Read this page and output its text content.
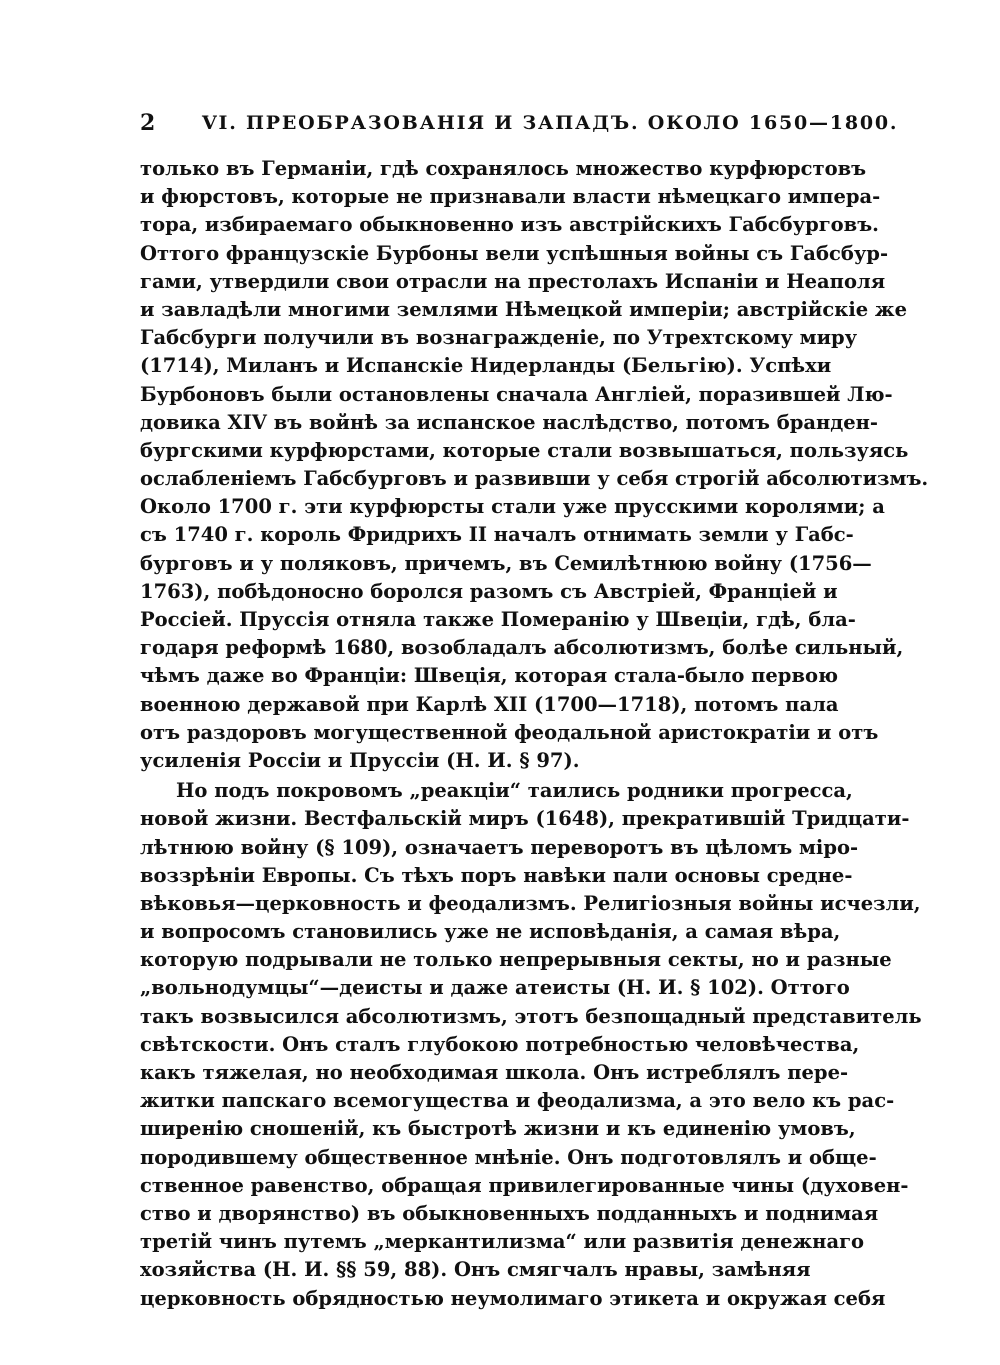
2 VI. ПРЕОБРАЗОВАНІЯ И ЗАПАДЪ. ОКОЛО 1650—1800.
только въ Германіи, гдѣ сохранялось множество курфюрстовъ
и фюрстовъ, которые не признавали власти нѣмецкаго импера-
тора, избираемаго обыкновенно изъ австрійскихъ Габсбурговъ.
Оттого французскіе Бурбоны вели успѣшныя войны съ Габсбур-
гами, утвердили свои отрасли на престолахъ Испаніи и Неаполя
и завладѣли многими землями Нѣмецкой имперіи; австрійскіе же
Габсбурги получили въ вознагражденіе, по Утрехтскому миру
(1714), Миланъ и Испанскіе Нидерланды (Бельгію). Успѣхи
Бурбоновъ были остановлены сначала Англіей, поразившей Лю-
довика XIV въ войнѣ за испанское наслѣдство, потомъ бранден-
бургскими курфюрстами, которые стали возвышаться, пользуясь
ослабленіемъ Габсбурговъ и развивши у себя строгій абсолютизмъ.
Около 1700 г. эти курфюрсты стали уже прусскими королями; а
съ 1740 г. король Фридрихъ II началъ отнимать земли у Габс-
бурговъ и у поляковъ, причемъ, въ Семилѣтнюю войну (1756—
1763), побѣдоносно боролся разомъ съ Австріей, Франціей и
Россіей. Пруссія отняла также Померанію у Швеціи, гдѣ, бла-
годаря реформѣ 1680, возобладалъ абсолютизмъ, болѣе сильный,
чѣмъ даже во Франціи: Швеція, которая стала-было первою
военною державой при Карлѣ XII (1700—1718), потомъ пала
отъ раздоровъ могущественной феодальной аристократіи и отъ
усиленія Россіи и Пруссіи (Н. И. § 97).
Но подъ покровомъ „реакціи“ таились родники прогресса,
новой жизни. Вестфальскій миръ (1648), прекратившій Тридцати-
лѣтнюю войну (§ 109), означаетъ переворотъ въ цѣломъ міро-
воззрѣніи Европы. Съ тѣхъ поръ навѣки пали основы средне-
вѣковья—церковность и феодализмъ. Религіозныя войны исчезли,
и вопросомъ становились уже не исповѣданія, а самая вѣра,
которую подрывали не только непрерывныя секты, но и разные
„вольнодумцы“—деисты и даже атеисты (Н. И. § 102). Оттого
такъ возвысился абсолютизмъ, этотъ безпощадный представитель
свѣтскости. Онъ сталъ глубокою потребностью человѣчества,
какъ тяжелая, но необходимая школа. Онъ истреблялъ пере-
житки папскаго всемогущества и феодализма, а это вело къ рас-
ширенію сношеній, къ быстротѣ жизни и къ единенію умовъ,
породившему общественное мнѣніе. Онъ подготовлялъ и обще-
ственное равенство, обращая привилегированные чины (духовен-
ство и дворянство) въ обыкновенныхъ подданныхъ и поднимая
третій чинъ путемъ „меркантилизма“ или развитія денежнаго
хозяйства (Н. И. §§ 59, 88). Онъ смягчалъ нравы, замѣняя
церковность обрядностью неумолимаго этикета и окружая себя
